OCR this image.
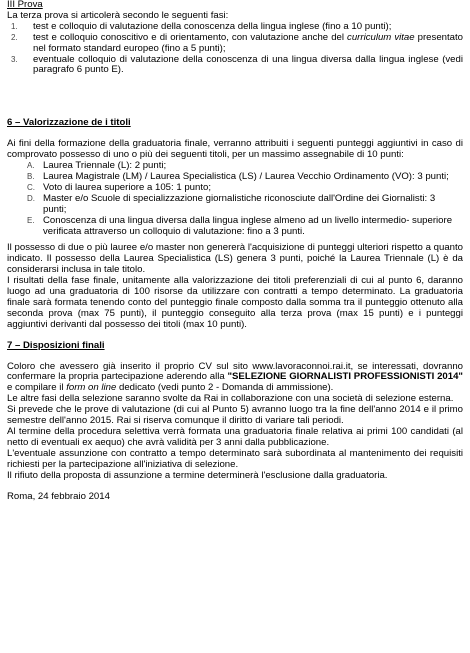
III Prova

La terza prova si articolerà secondo le seguenti fasi:

1.	test e colloquio di valutazione della conoscenza della lingua inglese (fino a 10 punti);
2.	test e colloquio conoscitivo e di orientamento, con valutazione anche del curriculum vitae presentato nel formato standard europeo (fino a 5 punti);
3.	eventuale colloquio di valutazione della conoscenza di una lingua diversa dalla lingua inglese (vedi paragrafo 6 punto E).

6 – Valorizzazione de i titoli

Ai fini della formazione della graduatoria finale, verranno attribuiti i seguenti punteggi aggiuntivi in caso di comprovato possesso di uno o più dei seguenti titoli, per un massimo assegnabile di 10 punti:

A. Laurea Triennale (L): 2 punti;
B. Laurea Magistrale (LM) / Laurea Specialistica (LS) / Laurea Vecchio Ordinamento (VO): 3 punti;
C. Voto di laurea superiore a 105: 1 punto;
D. Master e/o Scuole di specializzazione giornalistiche riconosciute dall'Ordine dei Giornalisti: 3 punti;
E. Conoscenza di una lingua diversa dalla lingua inglese almeno ad un livello intermedio- superiore verificata attraverso un colloquio di valutazione: fino a 3 punti.

Il possesso di due o più lauree e/o master non genererà l'acquisizione di punteggi ulteriori rispetto a quanto indicato. Il possesso della Laurea Specialistica (LS) genera 3 punti, poiché la Laurea Triennale (L) è da considerarsi inclusa in tale titolo.

I risultati della fase finale, unitamente alla valorizzazione dei titoli preferenziali di cui al punto 6, daranno luogo ad una graduatoria di 100 risorse da utilizzare con contratti a tempo determinato. La graduatoria finale sarà formata tenendo conto del punteggio finale composto dalla somma tra il punteggio ottenuto alla seconda prova (max 75 punti), il punteggio conseguito alla terza prova (max 15 punti) e i punteggi aggiuntivi derivanti dal possesso dei titoli (max 10 punti).

7 – Disposizioni finali

Coloro che avessero già inserito il proprio CV sul sito www.lavoraconnoi.rai.it, se interessati, dovranno confermare la propria partecipazione aderendo alla "SELEZIONE GIORNALISTI PROFESSIONISTI 2014" e compilare il form on line dedicato (vedi punto 2 - Domanda di ammissione).

Le altre fasi della selezione saranno svolte da Rai in collaborazione con una società di selezione esterna.

Si prevede che le prove di valutazione (di cui al Punto 5) avranno luogo tra la fine dell'anno 2014 e il primo semestre dell'anno 2015. Rai si riserva comunque il diritto di variare tali periodi.

Al termine della procedura selettiva verrà formata una graduatoria finale relativa ai primi 100 candidati (al netto di eventuali ex aequo) che avrà validità per 3 anni dalla pubblicazione.

L'eventuale assunzione con contratto a tempo determinato sarà subordinata al mantenimento dei requisiti richiesti per la partecipazione all'iniziativa di selezione.

Il rifiuto della proposta di assunzione a termine determinerà l'esclusione dalla graduatoria.

Roma, 24 febbraio 2014
